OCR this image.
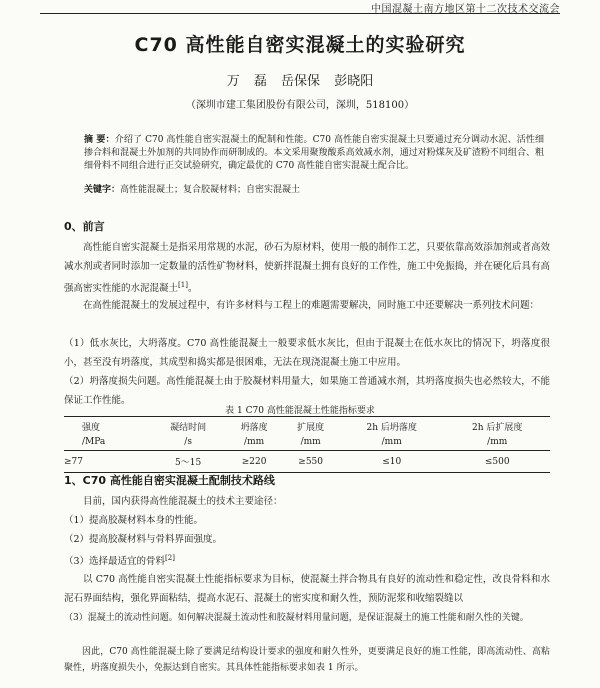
中国混凝土南方地区第十二次技术交流会
C70 高性能自密实混凝土的实验研究
万 磊 岳保保 彭晓阳
（深圳市建工集团股份有限公司，深圳，518100）
摘 要：介绍了 C70 高性能自密实混凝土的配制和性能。C70 高性能自密实混凝土只要通过充分调动水泥、活性细掺合料和混凝土外加剂的共同协作而研制成的。本文采用聚羧酸系高效减水剂，通过对粉煤灰及矿渣粉不同组合、粗细骨料不同组合进行正交试验研究，确定最优的 C70 高性能自密实混凝土配合比。
关键字：高性能混凝土；复合胶凝材料；自密实混凝土
0、前言
高性能自密实混凝土是指采用常规的水泥，砂石为原材料，使用一般的制作工艺，只要依靠高效添加剂或者高效减水剂或者同时添加一定数量的活性矿物材料，使新拌混凝土拥有良好的工作性，施工中免振捣，并在硬化后具有高强高密实性能的水泥混凝土[1]。
在高性能混凝土的发展过程中，有许多材料与工程上的难题需要解决，同时施工中还要解决一系列技术问题：
（1）低水灰比，大坍落度。C70 高性能混凝土一般要求低水灰比，但由于混凝土在低水灰比的情况下，坍落度很小，甚至没有坍落度，其成型和捣实都是很困难，无法在现浇混凝土施工中应用。
（2）坍落度损失问题。高性能混凝土由于胶凝材料用量大，如果施工普通减水剂，其坍落度损失也必然较大，不能保证工作性能。
表 1 C70 高性能混凝土性能指标要求
强度	凝结时间	坍落度	扩展度	2h 后坍落度	2h 后扩展度
/MPa	/s	/mm	/mm	/mm	/mm
≥77	5～15	≥220	≥550	≤10	≤500
1、C70 高性能自密实混凝土配制技术路线
目前，国内获得高性能混凝土的技术主要途径：
（1）提高胶凝材料本身的性能。
（2）提高胶凝材料与骨料界面强度。
（3）选择最适宜的骨料[2]
以 C70 高性能自密实混凝土性能指标要求为目标，使混凝土拌合物具有良好的流动性和稳定性，改良骨料和水泥石界面结构，强化界面粘结，提高水泥石、混凝土的密实度和耐久性，预防泥浆和收缩裂缝以
（3）混凝土的流动性问题。如何解决混凝土流动性和胶凝材料用量问题，是保证混凝土的施工性能和耐久性的关键。
因此，C70 高性能混凝土除了要满足结构设计要求的强度和耐久性外，更要满足良好的施工性能，即高流动性、高粘聚性，坍落度损失小，免振达到自密实。其具体性能指标要求如表 1 所示。
